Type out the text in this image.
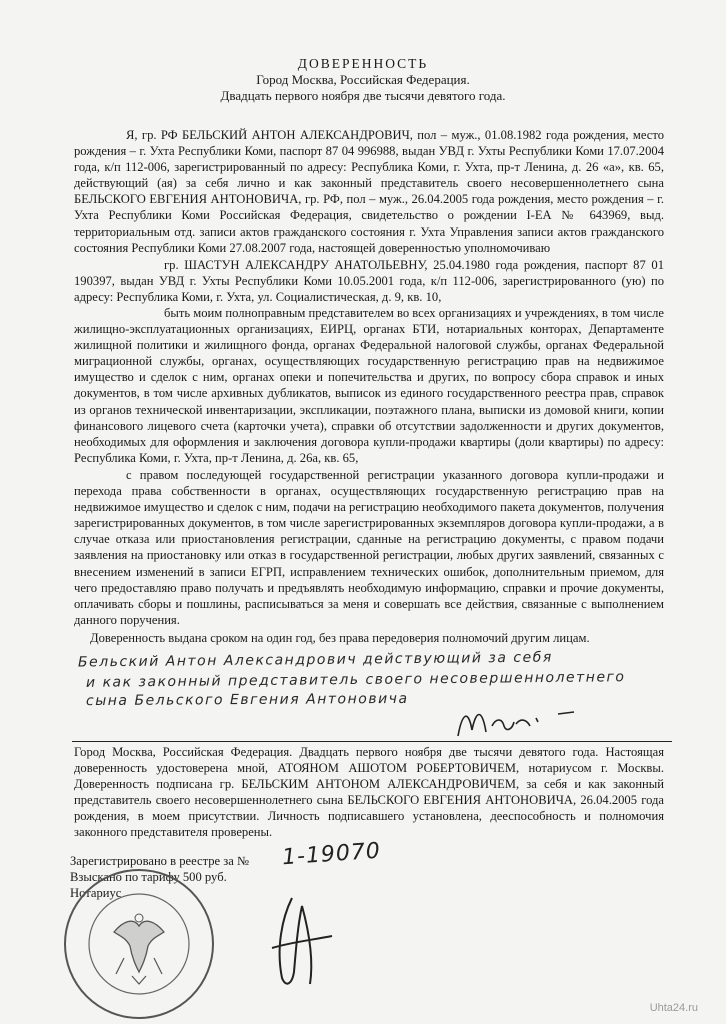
ДОВЕРЕННОСТЬ
Город Москва, Российская Федерация.
Двадцать первого ноября две тысячи девятого года.
Я, гр. РФ БЕЛЬСКИЙ АНТОН АЛЕКСАНДРОВИЧ, пол – муж., 01.08.1982 года рождения, место рождения – г. Ухта Республики Коми, паспорт 87 04 996988, выдан УВД г. Ухты Республики Коми 17.07.2004 года, к/п 112-006, зарегистрированный по адресу: Республика Коми, г. Ухта, пр-т Ленина, д. 26 «а», кв. 65, действующий (ая) за себя лично и как законный представитель своего несовершеннолетнего сына БЕЛЬСКОГО ЕВГЕНИЯ АНТОНОВИЧА, гр. РФ, пол – муж., 26.04.2005 года рождения, место рождения – г. Ухта Республики Коми Российская Федерация, свидетельство о рождении I-ЕА № 643969, выд. территориальным отд. записи актов гражданского состояния г. Ухта Управления записи актов гражданского состояния Республики Коми 27.08.2007 года, настоящей доверенностью уполномочиваю
гр. ШАСТУН АЛЕКСАНДРУ АНАТОЛЬЕВНУ, 25.04.1980 года рождения, паспорт 87 01 190397, выдан УВД г. Ухты Республики Коми 10.05.2001 года, к/п 112-006, зарегистрированного (ую) по адресу: Республика Коми, г. Ухта, ул. Социалистическая, д. 9, кв. 10,
быть моим полноправным представителем во всех организациях и учреждениях, в том числе жилищно-эксплуатационных организациях, ЕИРЦ, органах БТИ, нотариальных конторах, Департаменте жилищной политики и жилищного фонда, органах Федеральной налоговой службы, органах Федеральной миграционной службы, органах, осуществляющих государственную регистрацию прав на недвижимое имущество и сделок с ним, органах опеки и попечительства и других, по вопросу сбора справок и иных документов, в том числе архивных дубликатов, выписок из единого государственного реестра прав, справок из органов технической инвентаризации, экспликации, поэтажного плана, выписки из домовой книги, копии финансового лицевого счета (карточки учета), справки об отсутствии задолженности и других документов, необходимых для оформления и заключения договора купли-продажи квартиры (доли квартиры) по адресу: Республика Коми, г. Ухта, пр-т Ленина, д. 26а, кв. 65,
с правом последующей государственной регистрации указанного договора купли-продажи и перехода права собственности в органах, осуществляющих государственную регистрацию прав на недвижимое имущество и сделок с ним, подачи на регистрацию необходимого пакета документов, получения зарегистрированных документов, в том числе зарегистрированных экземпляров договора купли-продажи, а в случае отказа или приостановления регистрации, сданные на регистрацию документы, с правом подачи заявления на приостановку или отказ в государственной регистрации, любых других заявлений, связанных с внесением изменений в записи ЕГРП, исправлением технических ошибок, дополнительным приемом, для чего предоставляю право получать и предъявлять необходимую информацию, справки и прочие документы, оплачивать сборы и пошлины, расписываться за меня и совершать все действия, связанные с выполнением данного поручения.
Доверенность выдана сроком на один год, без права передоверия полномочий другим лицам.
Бельский Антон Александрович действующий за себя
и как законный представитель своего несовершеннолетнего
сына Бельского Евгения Антоновича
Город Москва, Российская Федерация. Двадцать первого ноября две тысячи девятого года. Настоящая доверенность удостоверена мной, АТОЯНОМ АШОТОМ РОБЕРТОВИЧЕМ, нотариусом г. Москвы. Доверенность подписана гр. БЕЛЬСКИМ АНТОНОМ АЛЕКСАНДРОВИЧЕМ, за себя и как законный представитель своего несовершеннолетнего сына БЕЛЬСКОГО ЕВГЕНИЯ АНТОНОВИЧА, 26.04.2005 года рождения, в моем присутствии. Личность подписавшего установлена, дееспособность и полномочия законного представителя проверены.
Зарегистрировано в реестре за №
Взыскано по тарифу 500 руб.
Нотариус
1-19070
Uhta24.ru
